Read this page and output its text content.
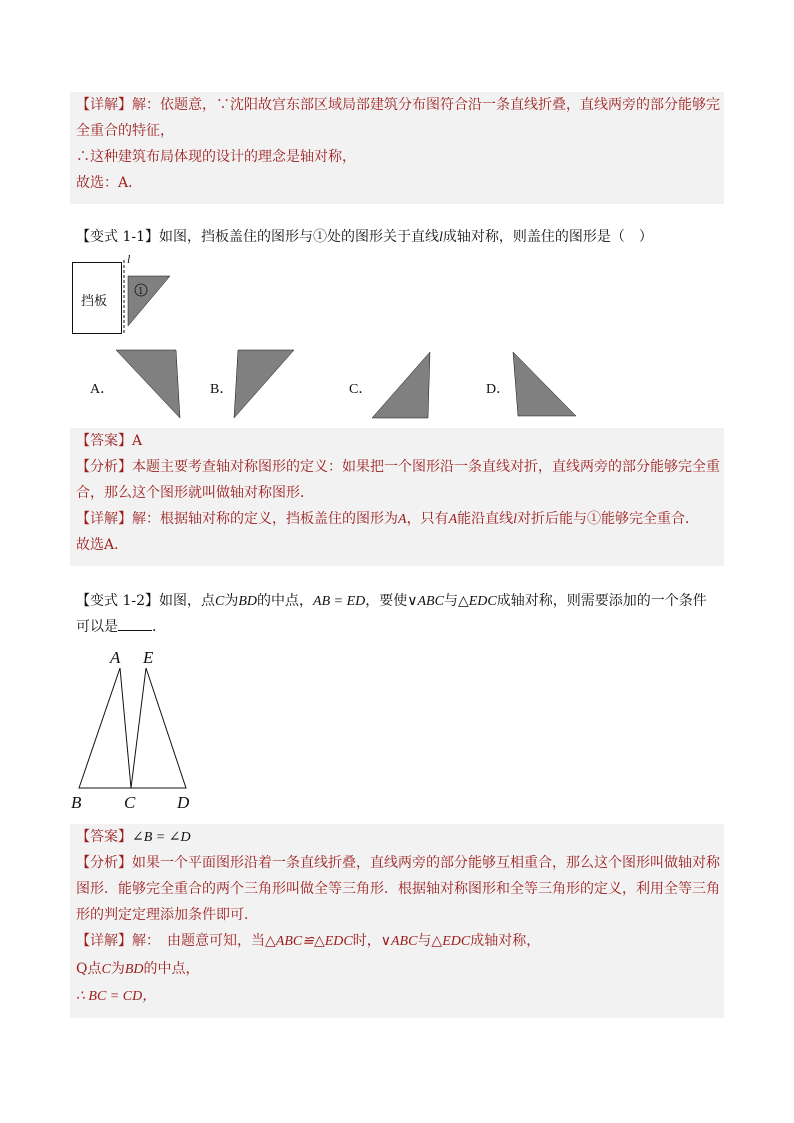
【详解】解：依题意，∵沈阳故宫东部区域局部建筑分布图符合沿一条直线折叠，直线两旁的部分能够完
全重合的特征，
∴这种建筑布局体现的设计的理念是轴对称，
故选：A．
【变式 1-1】如图，挡板盖住的图形与①处的图形关于直线l成轴对称，则盖住的图形是（　）
挡板
1
l
A．	B．	C．	D．
【答案】A
【分析】本题主要考查轴对称图形的定义：如果把一个图形沿一条直线对折，直线两旁的部分能够完全重
合，那么这个图形就叫做轴对称图形．
【详解】解：根据轴对称的定义，挡板盖住的图形为A，只有A能沿直线l对折后能与①能够完全重合．
故选A．
【变式 1-2】如图，点C为BD的中点，AB = ED，要使∨ABC与△EDC成轴对称，则需要添加的一个条件
可以是 ．
A E
B	C D
【答案】∠B = ∠D
【分析】如果一个平面图形沿着一条直线折叠，直线两旁的部分能够互相重合，那么这个图形叫做轴对称
图形．能够完全重合的两个三角形叫做全等三角形．根据轴对称图形和全等三角形的定义，利用全等三角
形的判定定理添加条件即可．
【详解】解：　由题意可知，当△ABC≌△EDC时，∨ABC与△EDC成轴对称，
Q点C为BD的中点，
∴ BC = CD，
